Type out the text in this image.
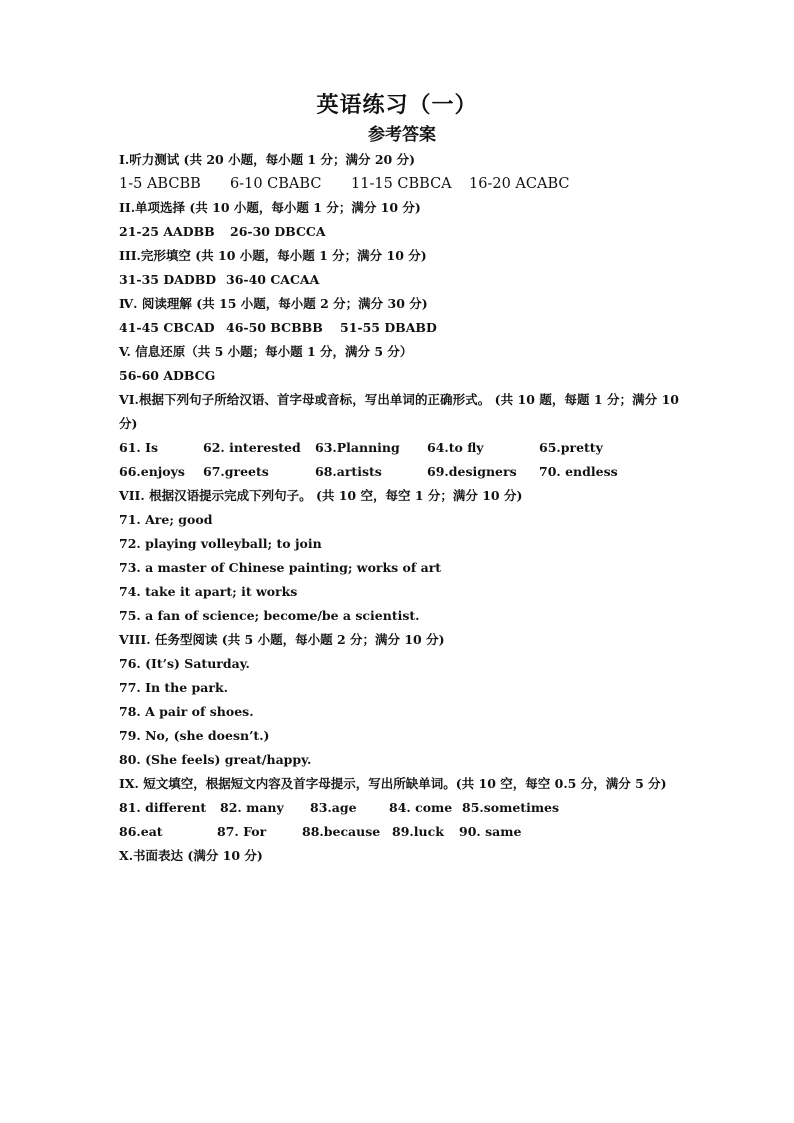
英语练习（一）
参考答案
I.听力测试 (共 20 小题，每小题 1 分；满分 20 分)
1-5 ABCBB	6-10 CBABC	11-15 CBBCA	16-20 ACABC
II.单项选择 (共 10 小题，每小题 1 分；满分 10 分)
21-25 AADBB	26-30 DBCCA
III.完形填空 (共 10 小题，每小题 1 分；满分 10 分)
31-35 DADBD 36-40 CACAA
Ⅳ. 阅读理解 (共 15 小题，每小题 2 分；满分 30 分)
41-45 CBCAD 46-50 BCBBB	51-55 DBABD
V. 信息还原（共 5 小题；每小题 1 分，满分 5 分）
56-60 ADBCG
VI.根据下列句子所给汉语、首字母或音标，写出单词的正确形式。 (共 10 题，每题 1 分；满分 10 分)
61. Is	62. interested	63.Planning	64.to fly	65.pretty
66.enjoys	67.greets	68.artists	69.designers	70. endless
VII. 根据汉语提示完成下列句子。 (共 10 空，每空 1 分；满分 10 分)
71. Are; good
72. playing volleyball; to join
73. a master of Chinese painting; works of art
74. take it apart; it works
75. a fan of science; become/be a scientist.
VIII. 任务型阅读 (共 5 小题，每小题 2 分；满分 10 分)
76. (It’s) Saturday.
77. In the park.
78. A pair of shoes.
79. No, (she doesn’t.)
80. (She feels) great/happy.
IX. 短文填空，根据短文内容及首字母提示，写出所缺单词。(共 10 空，每空 0.5 分，满分 5 分)
81. different	82. many	83.age	84. come 85.sometimes
86.eat	87. For	88.because 89.luck	90. same
X.书面表达 (满分 10 分)
